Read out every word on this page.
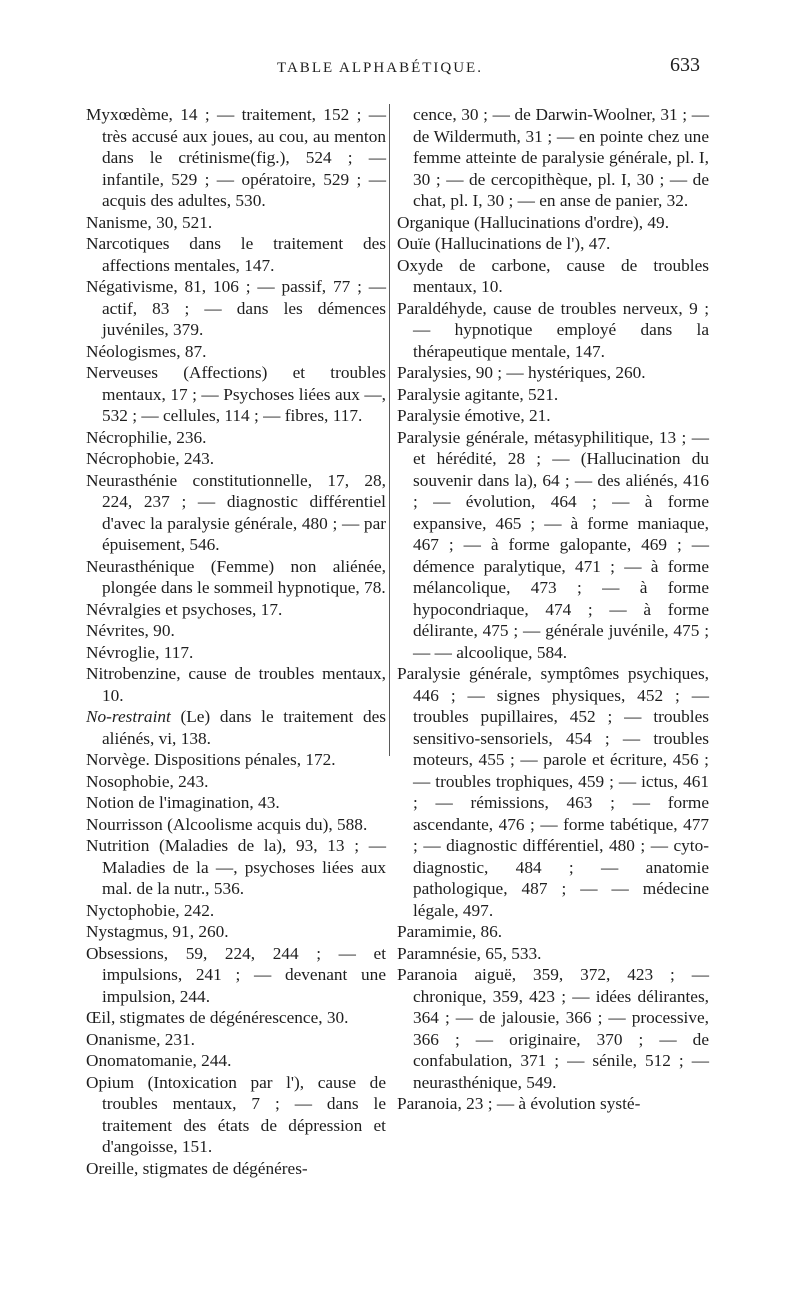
TABLE ALPHABÉTIQUE.	633

Myxœdème, 14 ; — traitement, 152 ; — très accusé aux joues, au cou, au menton dans le crétinisme(fig.), 524 ; — infantile, 529 ; — opératoire, 529 ; — acquis des adultes, 530.

Nanisme, 30, 521.

Narcotiques dans le traitement des affections mentales, 147.

Négativisme, 81, 106 ; — passif, 77 ; — actif, 83 ; — dans les démences juvéniles, 379.

Néologismes, 87.

Nerveuses (Affections) et troubles mentaux, 17 ; — Psychoses liées aux —, 532 ; — cellules, 114 ; — fibres, 117.

Nécrophilie, 236.

Nécrophobie, 243.

Neurasthénie constitutionnelle, 17, 28, 224, 237 ; — diagnostic différentiel d'avec la paralysie générale, 480 ; — par épuisement, 546.

Neurasthénique (Femme) non aliénée, plongée dans le sommeil hypnotique, 78.

Névralgies et psychoses, 17.

Névrites, 90.

Névroglie, 117.

Nitrobenzine, cause de troubles mentaux, 10.

No-restraint (Le) dans le traitement des aliénés, vi, 138.

Norvège. Dispositions pénales, 172.

Nosophobie, 243.

Notion de l'imagination, 43.

Nourrisson (Alcoolisme acquis du), 588.

Nutrition (Maladies de la), 93, 13 ; — Maladies de la —, psychoses liées aux mal. de la nutr., 536.

Nyctophobie, 242.

Nystagmus, 91, 260.

Obsessions, 59, 224, 244 ; — et impulsions, 241 ; — devenant une impulsion, 244.

Œil, stigmates de dégénérescence, 30.

Onanisme, 231.

Onomatomanie, 244.

Opium (Intoxication par l'), cause de troubles mentaux, 7 ; — dans le traitement des états de dépression et d'angoisse, 151.

Oreille, stigmates de dégénéres-

cence, 30 ; — de Darwin-Woolner, 31 ; — de Wildermuth, 31 ; — en pointe chez une femme atteinte de paralysie générale, pl. I, 30 ; — de cercopithèque, pl. I, 30 ; — de chat, pl. I, 30 ; — en anse de panier, 32.

Organique (Hallucinations d'ordre), 49.

Ouïe (Hallucinations de l'), 47.

Oxyde de carbone, cause de troubles mentaux, 10.

Paraldéhyde, cause de troubles nerveux, 9 ; — hypnotique employé dans la thérapeutique mentale, 147.

Paralysies, 90 ; — hystériques, 260.

Paralysie agitante, 521.

Paralysie émotive, 21.

Paralysie générale, métasyphilitique, 13 ; — et hérédité, 28 ; — (Hallucination du souvenir dans la), 64 ; — des aliénés, 416 ; — évolution, 464 ; — à forme expansive, 465 ; — à forme maniaque, 467 ; — à forme galopante, 469 ; — démence paralytique, 471 ; — à forme mélancolique, 473 ; — à forme hypocondriaque, 474 ; — à forme délirante, 475 ; — générale juvénile, 475 ; — — alcoolique, 584.

Paralysie générale, symptômes psychiques, 446 ; — signes physiques, 452 ; — troubles pupillaires, 452 ; — troubles sensitivo-sensoriels, 454 ; — troubles moteurs, 455 ; — parole et écriture, 456 ; — troubles trophiques, 459 ; — ictus, 461 ; — rémissions, 463 ; — forme ascendante, 476 ; — forme tabétique, 477 ; — diagnostic différentiel, 480 ; — cyto-diagnostic, 484 ; — anatomie pathologique, 487 ; — — médecine légale, 497.

Paramimie, 86.

Paramnésie, 65, 533.

Paranoia aiguë, 359, 372, 423 ; — chronique, 359, 423 ; — idées délirantes, 364 ; — de jalousie, 366 ; — processive, 366 ; — originaire, 370 ; — de confabulation, 371 ; — sénile, 512 ; — neurasthénique, 549.

Paranoia, 23 ; — à évolution systé-
